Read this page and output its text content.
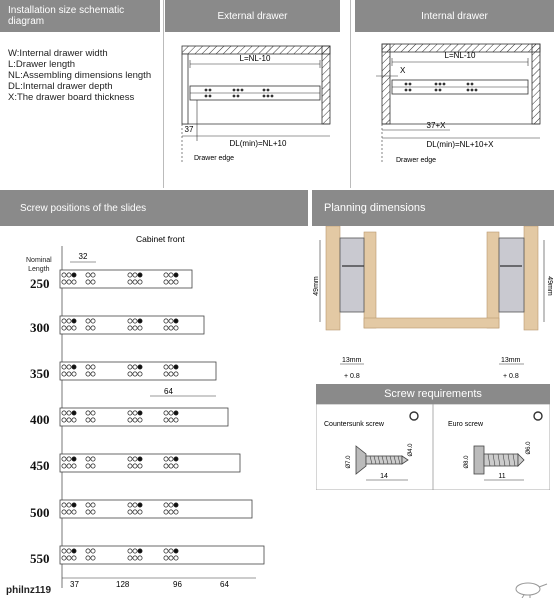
Installation size schematic diagram	External drawer	Internal drawer
W:Internal drawer width
L:Drawer length
NL:Assembling dimensions length
DL:Internal drawer depth
X:The drawer board thickness
L=NL-10
37
DL(min)=NL+10
Drawer edge
L=NL-10
X
37+X
DL(min)=NL+10+X
Drawer edge
Screw positions of the slides
Nominal
Length
250
300
350
400
450
500
550
Cabinet front
32
64
37	128	96	64
philnz119
Planning dimensions
49mm	49mm
13mm
+ 0.8
13mm
+ 0.8
Screw requirements
Countersunk screw	Euro screw
Ø7.0
Ø4.0
14
Ø8.0
Ø6.0
11
